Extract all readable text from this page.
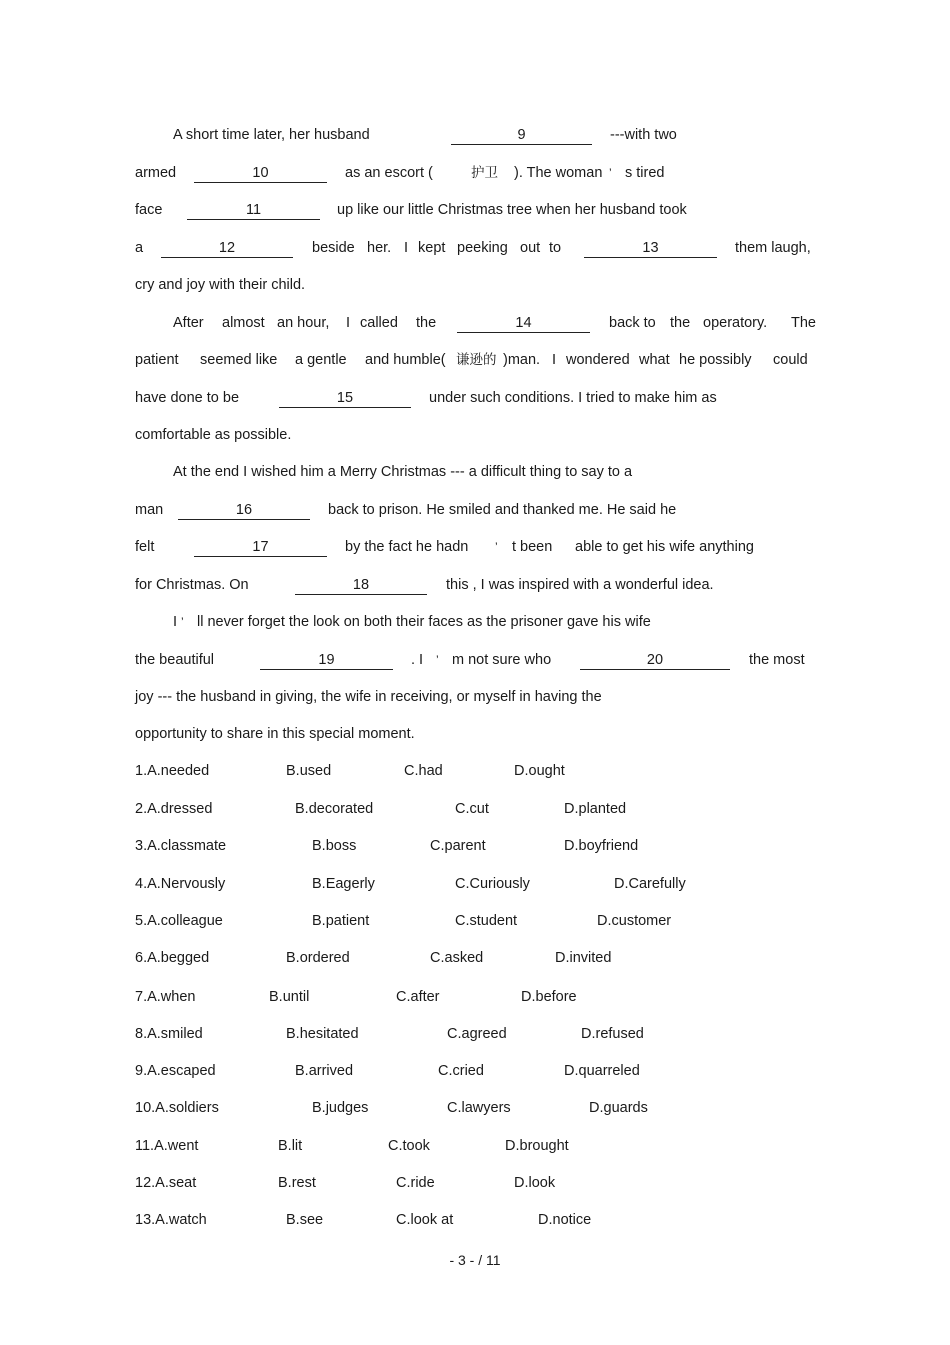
A short time later, her husband	9	---with two
armed	10	as an escort (	护卫 ). The woman ’ s tired
face	11	up like our little Christmas tree when her husband took
a	12	beside her. I kept peeking out to	13	them laugh,
cry and joy with their child.
After almost an hour, I called the	14	back to the operatory. The
patient seemed like a gentle and humble( 谦逊的 )man. I wondered what he possibly could
have done to be	15	under such conditions. I tried to make him as
comfortable as possible.
At the end I wished him a Merry Christmas --- a difficult thing to say to a
man	16	back to prison. He smiled and thanked me. He said he
felt	17	by the fact he hadn ’ t been able to get his wife anything
for Christmas. On	18	this , I was inspired with a wonderful idea.
I ’ ll never forget the look on both their faces as the prisoner gave his wife
the beautiful	19	. I ’ m not sure who	20	the most
joy --- the husband in giving, the wife in receiving, or myself in having the
opportunity to share in this special moment.
1.A.needed	B.used	C.had	D.ought
2.A.dressed	B.decorated	C.cut	D.planted
3.A.classmate	B.boss	C.parent	D.boyfriend
4.A.Nervously	B.Eagerly	C.Curiously	D.Carefully
5.A.colleague	B.patient	C.student	D.customer
6.A.begged	B.ordered	C.asked	D.invited
7.A.when	B.until	C.after	D.before
8.A.smiled	B.hesitated	C.agreed	D.refused
9.A.escaped	B.arrived	C.cried	D.quarreled
10.A.soldiers	B.judges	C.lawyers	D.guards
11.A.went	B.lit	C.took	D.brought
12.A.seat	B.rest	C.ride	D.look
13.A.watch	B.see	C.look at	D.notice
- 3 - / 11
